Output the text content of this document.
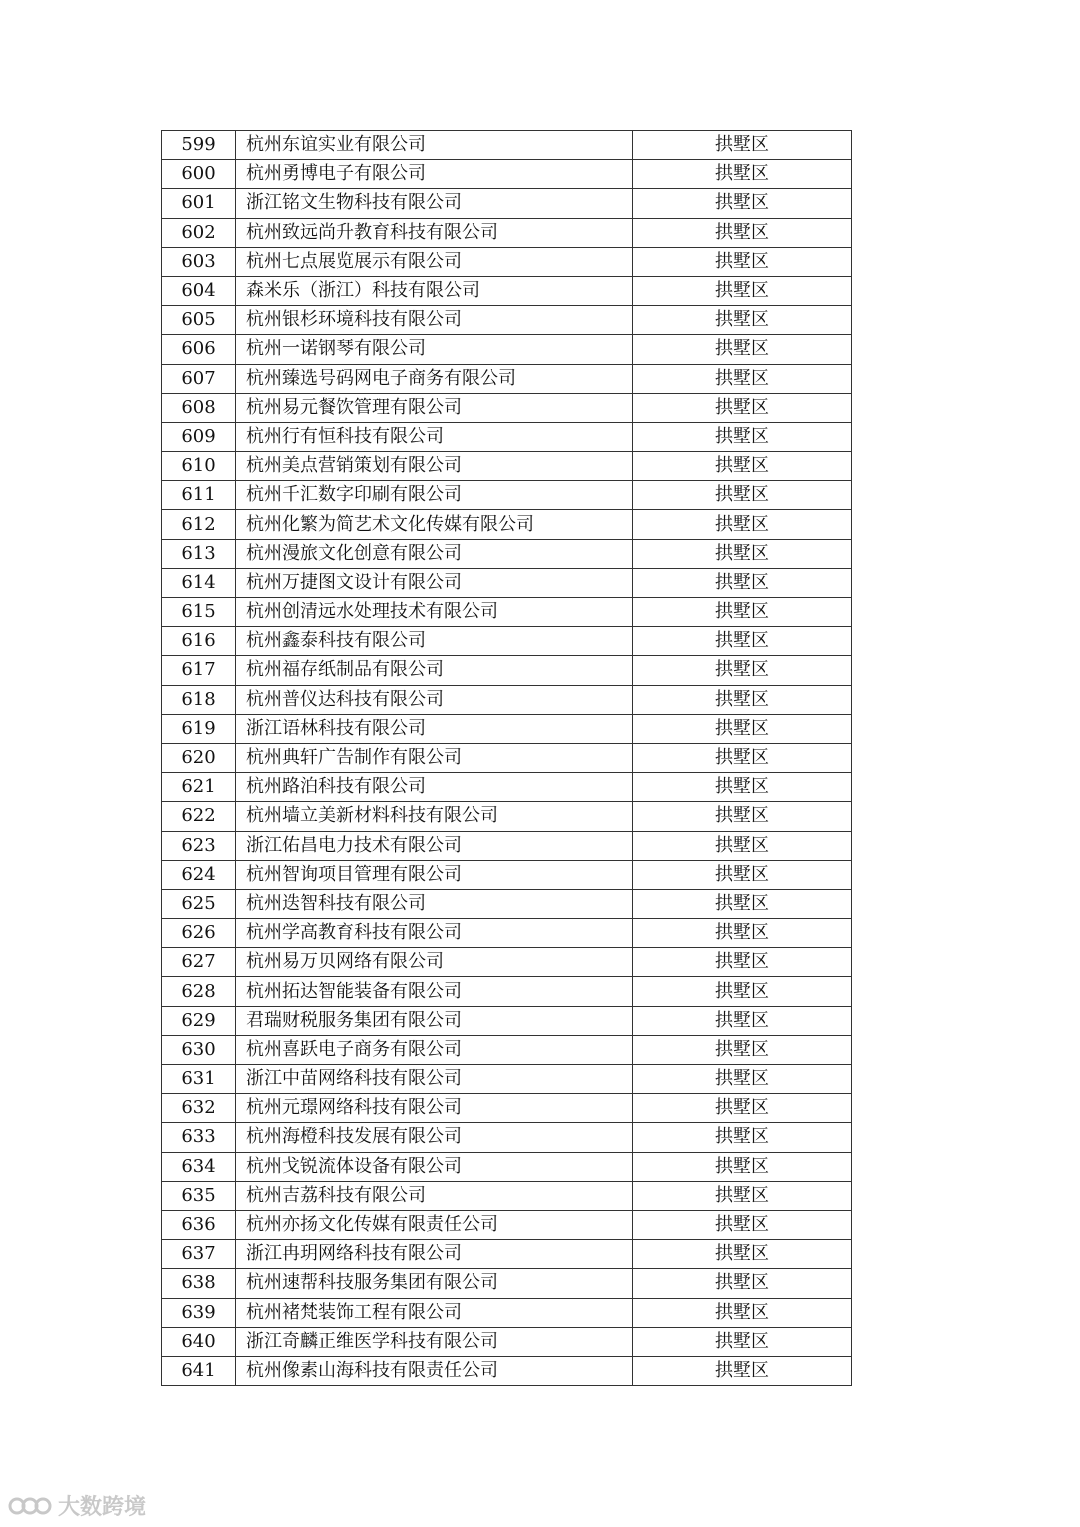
599	杭州东谊实业有限公司	拱墅区
600	杭州勇博电子有限公司	拱墅区
601	浙江铭文生物科技有限公司	拱墅区
602	杭州致远尚升教育科技有限公司	拱墅区
603	杭州七点展览展示有限公司	拱墅区
604	森米乐（浙江）科技有限公司	拱墅区
605	杭州银杉环境科技有限公司	拱墅区
606	杭州一诺钢琴有限公司	拱墅区
607	杭州臻选号码网电子商务有限公司	拱墅区
608	杭州易元餐饮管理有限公司	拱墅区
609	杭州行有恒科技有限公司	拱墅区
610	杭州美点营销策划有限公司	拱墅区
611	杭州千汇数字印刷有限公司	拱墅区
612	杭州化繁为简艺术文化传媒有限公司	拱墅区
613	杭州漫旅文化创意有限公司	拱墅区
614	杭州万捷图文设计有限公司	拱墅区
615	杭州创清远水处理技术有限公司	拱墅区
616	杭州鑫泰科技有限公司	拱墅区
617	杭州福存纸制品有限公司	拱墅区
618	杭州普仪达科技有限公司	拱墅区
619	浙江语林科技有限公司	拱墅区
620	杭州典轩广告制作有限公司	拱墅区
621	杭州路泊科技有限公司	拱墅区
622	杭州墙立美新材料科技有限公司	拱墅区
623	浙江佑昌电力技术有限公司	拱墅区
624	杭州智询项目管理有限公司	拱墅区
625	杭州迭智科技有限公司	拱墅区
626	杭州学高教育科技有限公司	拱墅区
627	杭州易万贝网络有限公司	拱墅区
628	杭州拓达智能装备有限公司	拱墅区
629	君瑞财税服务集团有限公司	拱墅区
630	杭州喜跃电子商务有限公司	拱墅区
631	浙江中苗网络科技有限公司	拱墅区
632	杭州元璟网络科技有限公司	拱墅区
633	杭州海橙科技发展有限公司	拱墅区
634	杭州戈锐流体设备有限公司	拱墅区
635	杭州吉荔科技有限公司	拱墅区
636	杭州亦扬文化传媒有限责任公司	拱墅区
637	浙江冉玥网络科技有限公司	拱墅区
638	杭州速帮科技服务集团有限公司	拱墅区
639	杭州褚梵装饰工程有限公司	拱墅区
640	浙江奇麟正维医学科技有限公司	拱墅区
641	杭州像素山海科技有限责任公司	拱墅区
大数跨境
